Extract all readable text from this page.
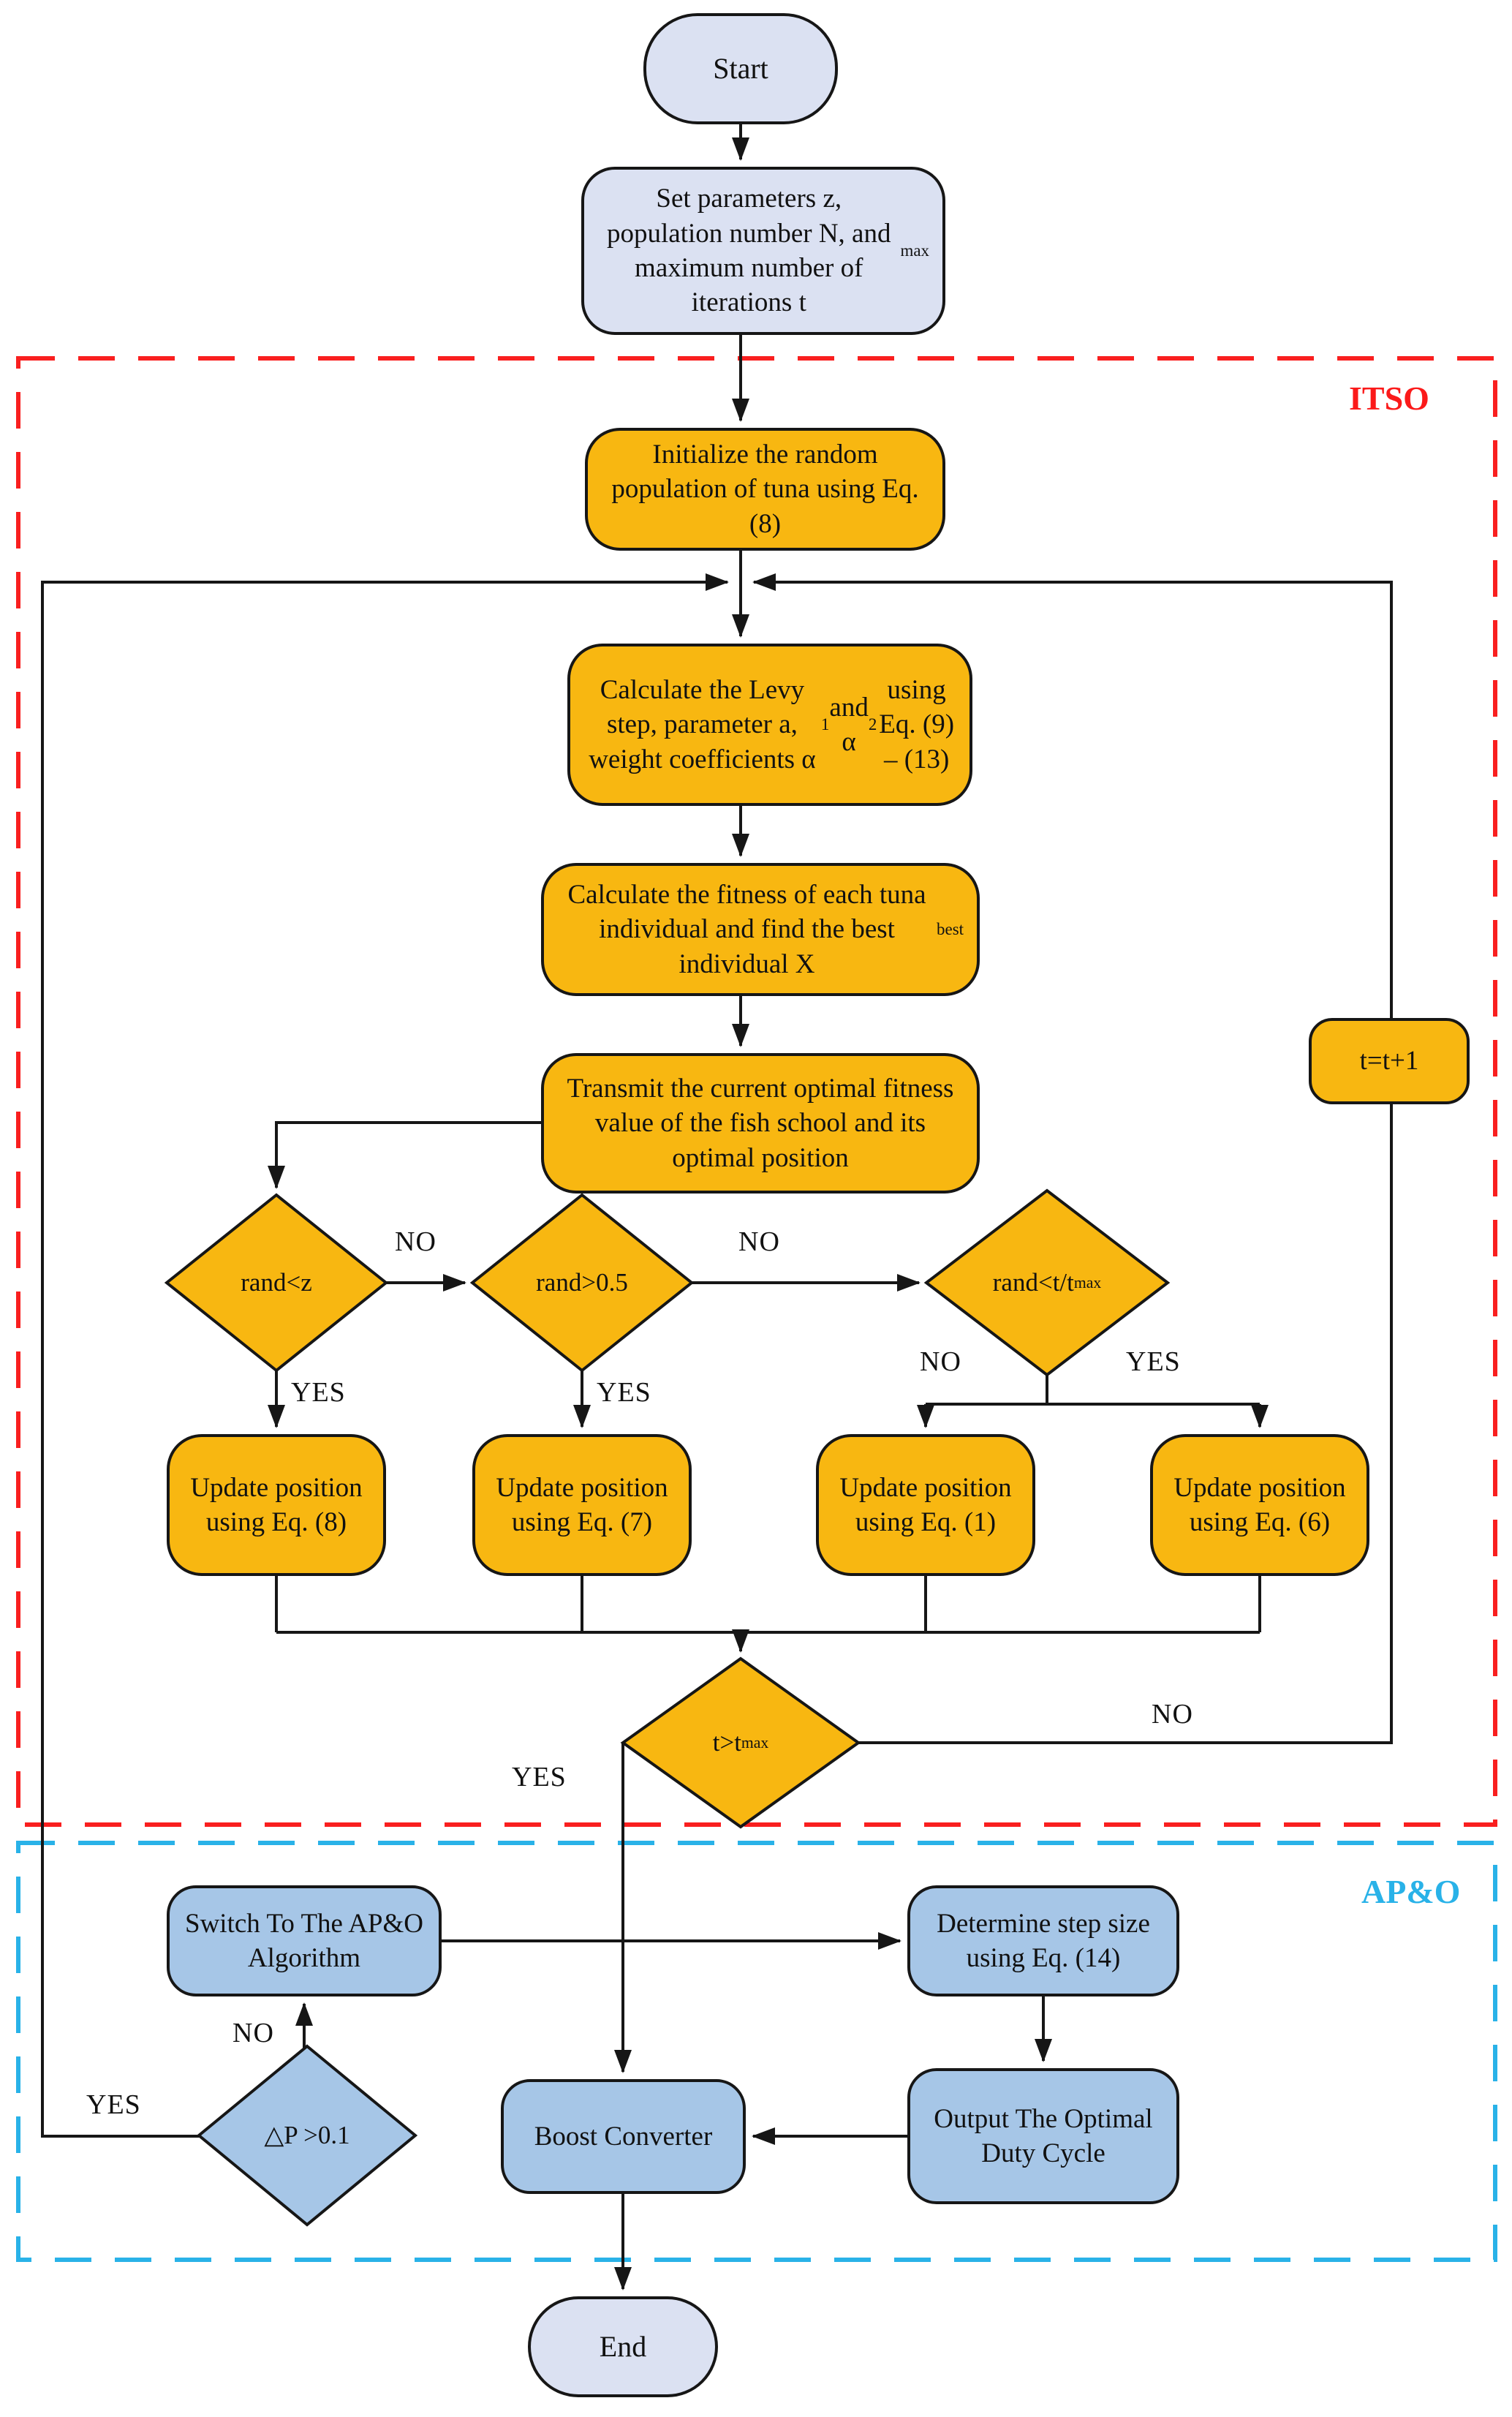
Start
Set parameters z, population number N, and maximum number of iterations t
max
Initialize the random population of tuna using Eq. (8)
Calculate the Levy step, parameter a, weight coefficients α
1
and α
2
using Eq. (9) – (13)
Calculate the fitness of each tuna individual and find the best individual X
best
Transmit the current optimal fitness value of the fish school and its optimal position
t=t+1
Update position using Eq. (8)
Update position using Eq. (7)
Update position using Eq. (1)
Update position using Eq. (6)
Switch To The AP&O Algorithm
Determine step size using Eq. (14)
Boost Converter
Output The Optimal Duty Cycle
End
rand<z	rand>0.5	rand<t/t max
t>t max
△P >0.1
NO	NO
YES	YES
NO	YES
NO
YES
NO
YES
ITSO
AP&O
